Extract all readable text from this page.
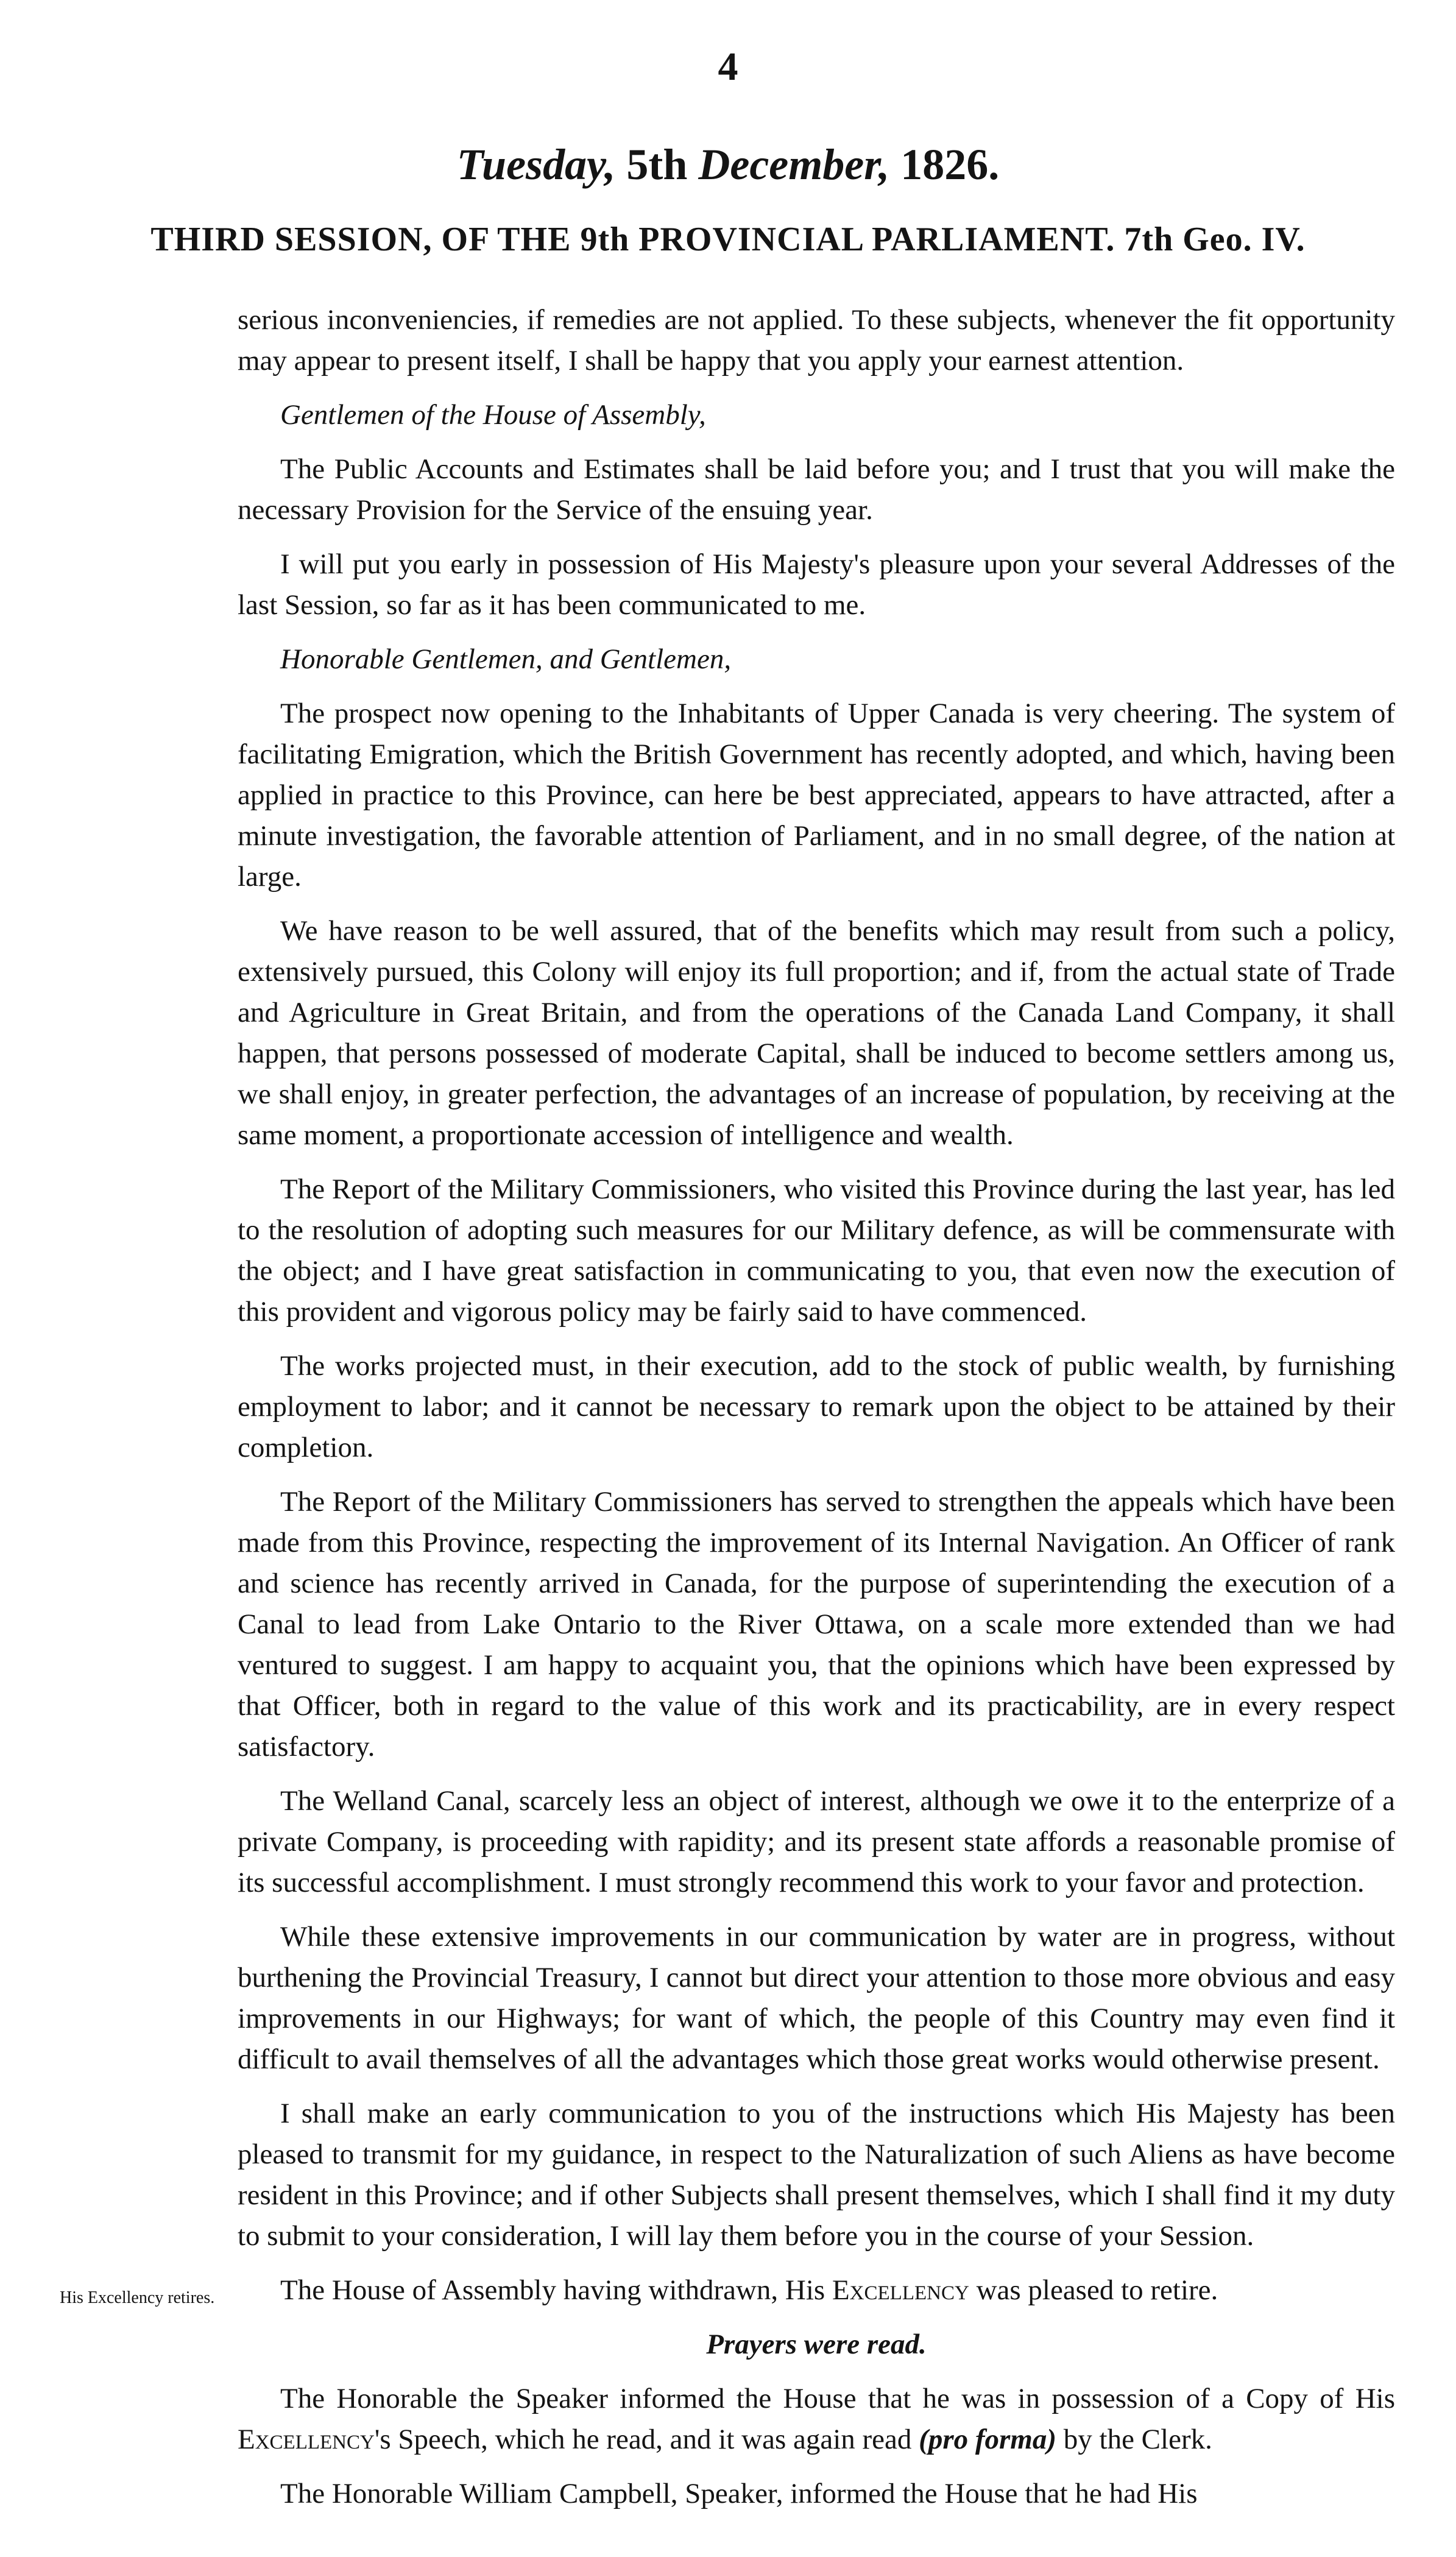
4
Tuesday, 5th December, 1826.
THIRD SESSION, OF THE 9th PROVINCIAL PARLIAMENT. 7th Geo. IV.

serious inconveniencies, if remedies are not applied. To these subjects, whenever the fit opportunity may appear to present itself, I shall be happy that you apply your earnest attention.

Gentlemen of the House of Assembly,

The Public Accounts and Estimates shall be laid before you; and I trust that you will make the necessary Provision for the Service of the ensuing year.

I will put you early in possession of His Majesty's pleasure upon your several Addresses of the last Session, so far as it has been communicated to me.

Honorable Gentlemen, and Gentlemen,

The prospect now opening to the Inhabitants of Upper Canada is very cheering. The system of facilitating Emigration, which the British Government has recently adopted, and which, having been applied in practice to this Province, can here be best appreciated, appears to have attracted, after a minute investigation, the favorable attention of Parliament, and in no small degree, of the nation at large.

We have reason to be well assured, that of the benefits which may result from such a policy, extensively pursued, this Colony will enjoy its full proportion; and if, from the actual state of Trade and Agriculture in Great Britain, and from the operations of the Canada Land Company, it shall happen, that persons possessed of moderate Capital, shall be induced to become settlers among us, we shall enjoy, in greater perfection, the advantages of an increase of population, by receiving at the same moment, a proportionate accession of intelligence and wealth.

The Report of the Military Commissioners, who visited this Province during the last year, has led to the resolution of adopting such measures for our Military defence, as will be commensurate with the object; and I have great satisfaction in communicating to you, that even now the execution of this provident and vigorous policy may be fairly said to have commenced.

The works projected must, in their execution, add to the stock of public wealth, by furnishing employment to labor; and it cannot be necessary to remark upon the object to be attained by their completion.

The Report of the Military Commissioners has served to strengthen the appeals which have been made from this Province, respecting the improvement of its Internal Navigation. An Officer of rank and science has recently arrived in Canada, for the purpose of superintending the execution of a Canal to lead from Lake Ontario to the River Ottawa, on a scale more extended than we had ventured to suggest. I am happy to acquaint you, that the opinions which have been expressed by that Officer, both in regard to the value of this work and its practicability, are in every respect satisfactory.

The Welland Canal, scarcely less an object of interest, although we owe it to the enterprize of a private Company, is proceeding with rapidity; and its present state affords a reasonable promise of its successful accomplishment. I must strongly recommend this work to your favor and protection.

While these extensive improvements in our communication by water are in progress, without burthening the Provincial Treasury, I cannot but direct your attention to those more obvious and easy improvements in our Highways; for want of which, the people of this Country may even find it difficult to avail themselves of all the advantages which those great works would otherwise present.

I shall make an early communication to you of the instructions which His Majesty has been pleased to transmit for my guidance, in respect to the Naturalization of such Aliens as have become resident in this Province; and if other Subjects shall present themselves, which I shall find it my duty to submit to your consideration, I will lay them before you in the course of your Session.

The House of Assembly having withdrawn, His Excellency was pleased to retire.

Prayers were read.

The Honorable the Speaker informed the House that he was in possession of a Copy of His Excellency's Speech, which he read, and it was again read (pro forma) by the Clerk.

The Honorable William Campbell, Speaker, informed the House that he had His

His Excellency retires.
